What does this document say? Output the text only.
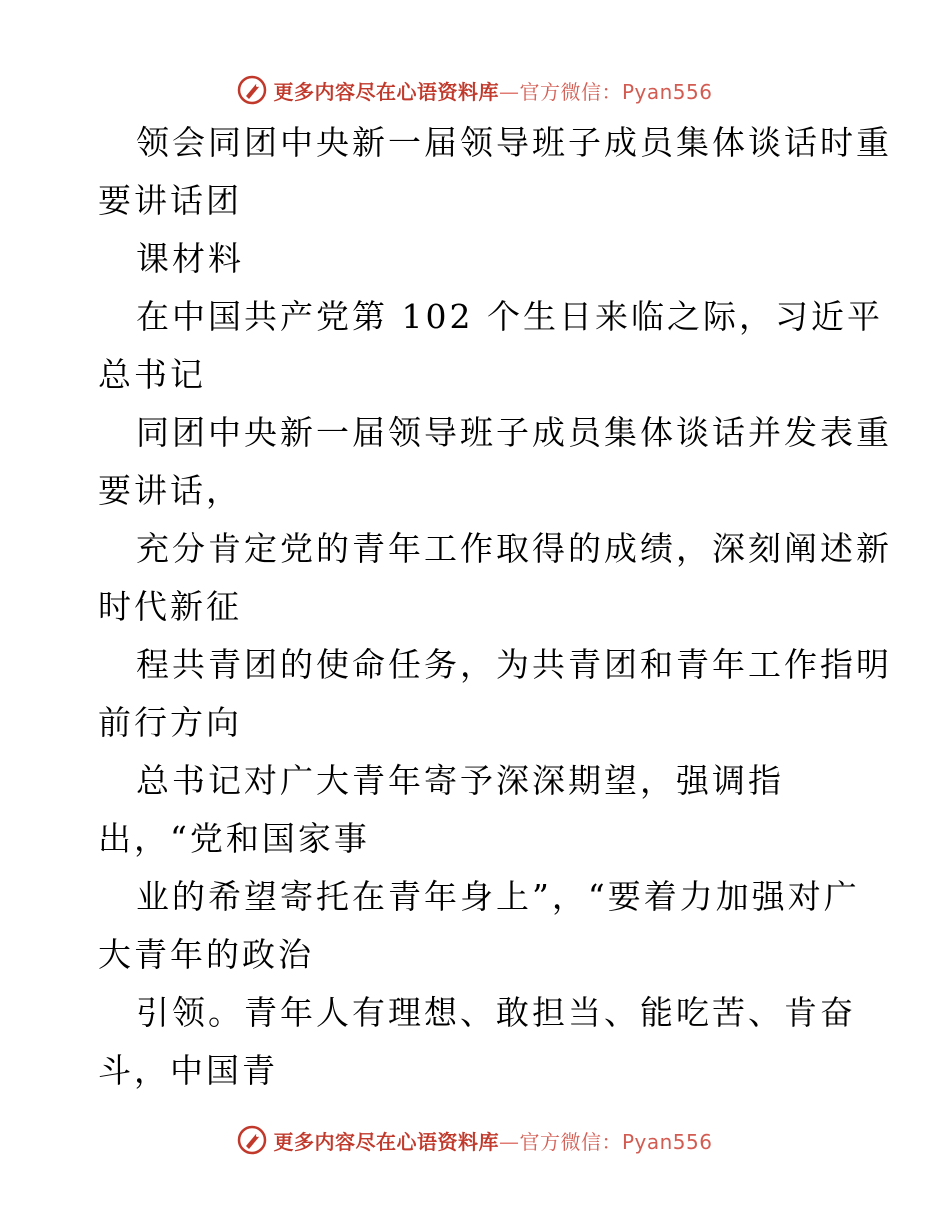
更多内容尽在心语资料库—官方微信：Pyan556
领会同团中央新一届领导班子成员集体谈话时重
要讲话团
课材料
在中国共产党第 102 个生日来临之际，习近平
总书记
同团中央新一届领导班子成员集体谈话并发表重
要讲话，
充分肯定党的青年工作取得的成绩，深刻阐述新
时代新征
程共青团的使命任务，为共青团和青年工作指明
前行方向
总书记对广大青年寄予深深期望，强调指
出，“党和国家事
业的希望寄托在青年身上”，“要着力加强对广
大青年的政治
引领。青年人有理想、敢担当、能吃苦、肯奋
斗，中国青
更多内容尽在心语资料库—官方微信：Pyan556
